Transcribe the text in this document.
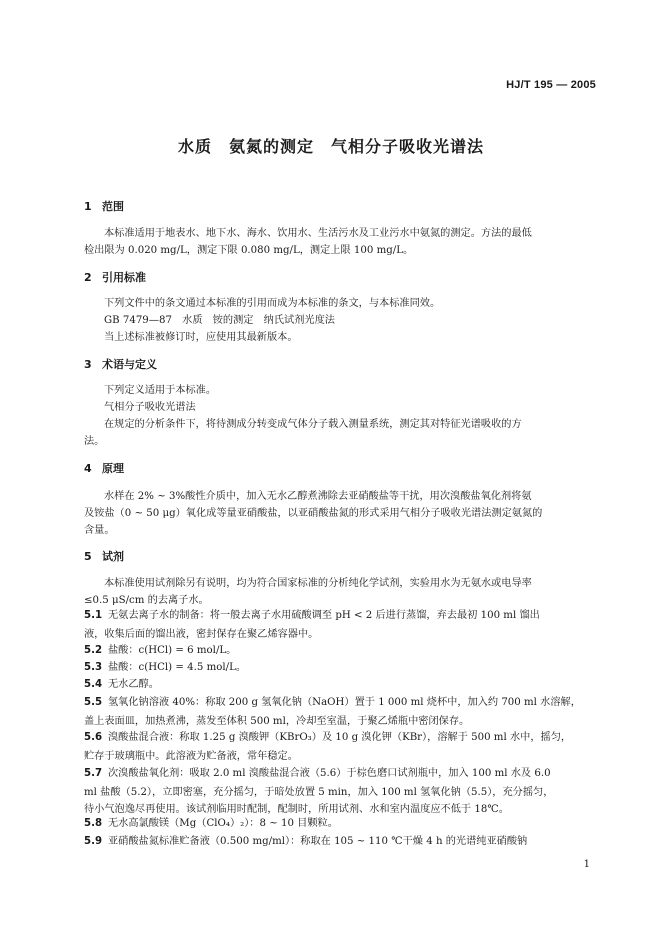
HJ/T 195 — 2005
水质　氨氮的测定　气相分子吸收光谱法
1 范围
本标准适用于地表水、地下水、海水、饮用水、生活污水及工业污水中氨氮的测定。方法的最低
检出限为 0.020 mg/L，测定下限 0.080 mg/L，测定上限 100 mg/L。
2 引用标准
下列文件中的条文通过本标准的引用而成为本标准的条文，与本标准同效。
GB 7479—87　水质　铵的测定　纳氏试剂光度法
当上述标准被修订时，应使用其最新版本。
3 术语与定义
下列定义适用于本标准。
气相分子吸收光谱法
在规定的分析条件下，将待测成分转变成气体分子载入测量系统，测定其对特征光谱吸收的方
法。
4 原理
水样在 2% ~ 3%酸性介质中，加入无水乙醇煮沸除去亚硝酸盐等干扰，用次溴酸盐氧化剂将氨
及铵盐（0 ~ 50 μg）氧化成等量亚硝酸盐，以亚硝酸盐氮的形式采用气相分子吸收光谱法测定氨氮的
含量。
5 试剂
本标准使用试剂除另有说明，均为符合国家标准的分析纯化学试剂，实验用水为无氨水或电导率
≤0.5 μS/cm 的去离子水。
5.1 无氨去离子水的制备：将一般去离子水用硫酸调至 pH < 2 后进行蒸馏，弃去最初 100 ml 馏出
液，收集后面的馏出液，密封保存在聚乙烯容器中。
5.2 盐酸：c(HCl) = 6 mol/L。
5.3 盐酸：c(HCl) = 4.5 mol/L。
5.4 无水乙醇。
5.5 氢氧化钠溶液 40%：称取 200 g 氢氧化钠（NaOH）置于 1 000 ml 烧杯中，加入约 700 ml 水溶解，
盖上表面皿，加热煮沸，蒸发至体积 500 ml，冷却至室温，于聚乙烯瓶中密闭保存。
5.6 溴酸盐混合液：称取 1.25 g 溴酸钾（KBrO₃）及 10 g 溴化钾（KBr），溶解于 500 ml 水中，摇匀，
贮存于玻璃瓶中。此溶液为贮备液，常年稳定。
5.7 次溴酸盐氧化剂：吸取 2.0 ml 溴酸盐混合液（5.6）于棕色磨口试剂瓶中，加入 100 ml 水及 6.0
ml 盐酸（5.2），立即密塞，充分摇匀，于暗处放置 5 min，加入 100 ml 氢氧化钠（5.5），充分摇匀，
待小气泡逸尽再使用。该试剂临用时配制，配制时，所用试剂、水和室内温度应不低于 18℃。
5.8 无水高氯酸镁（Mg（ClO₄）₂）：8 ~ 10 目颗粒。
5.9 亚硝酸盐氮标准贮备液（0.500 mg/ml）：称取在 105 ~ 110 ℃干燥 4 h 的光谱纯亚硝酸钠
1
